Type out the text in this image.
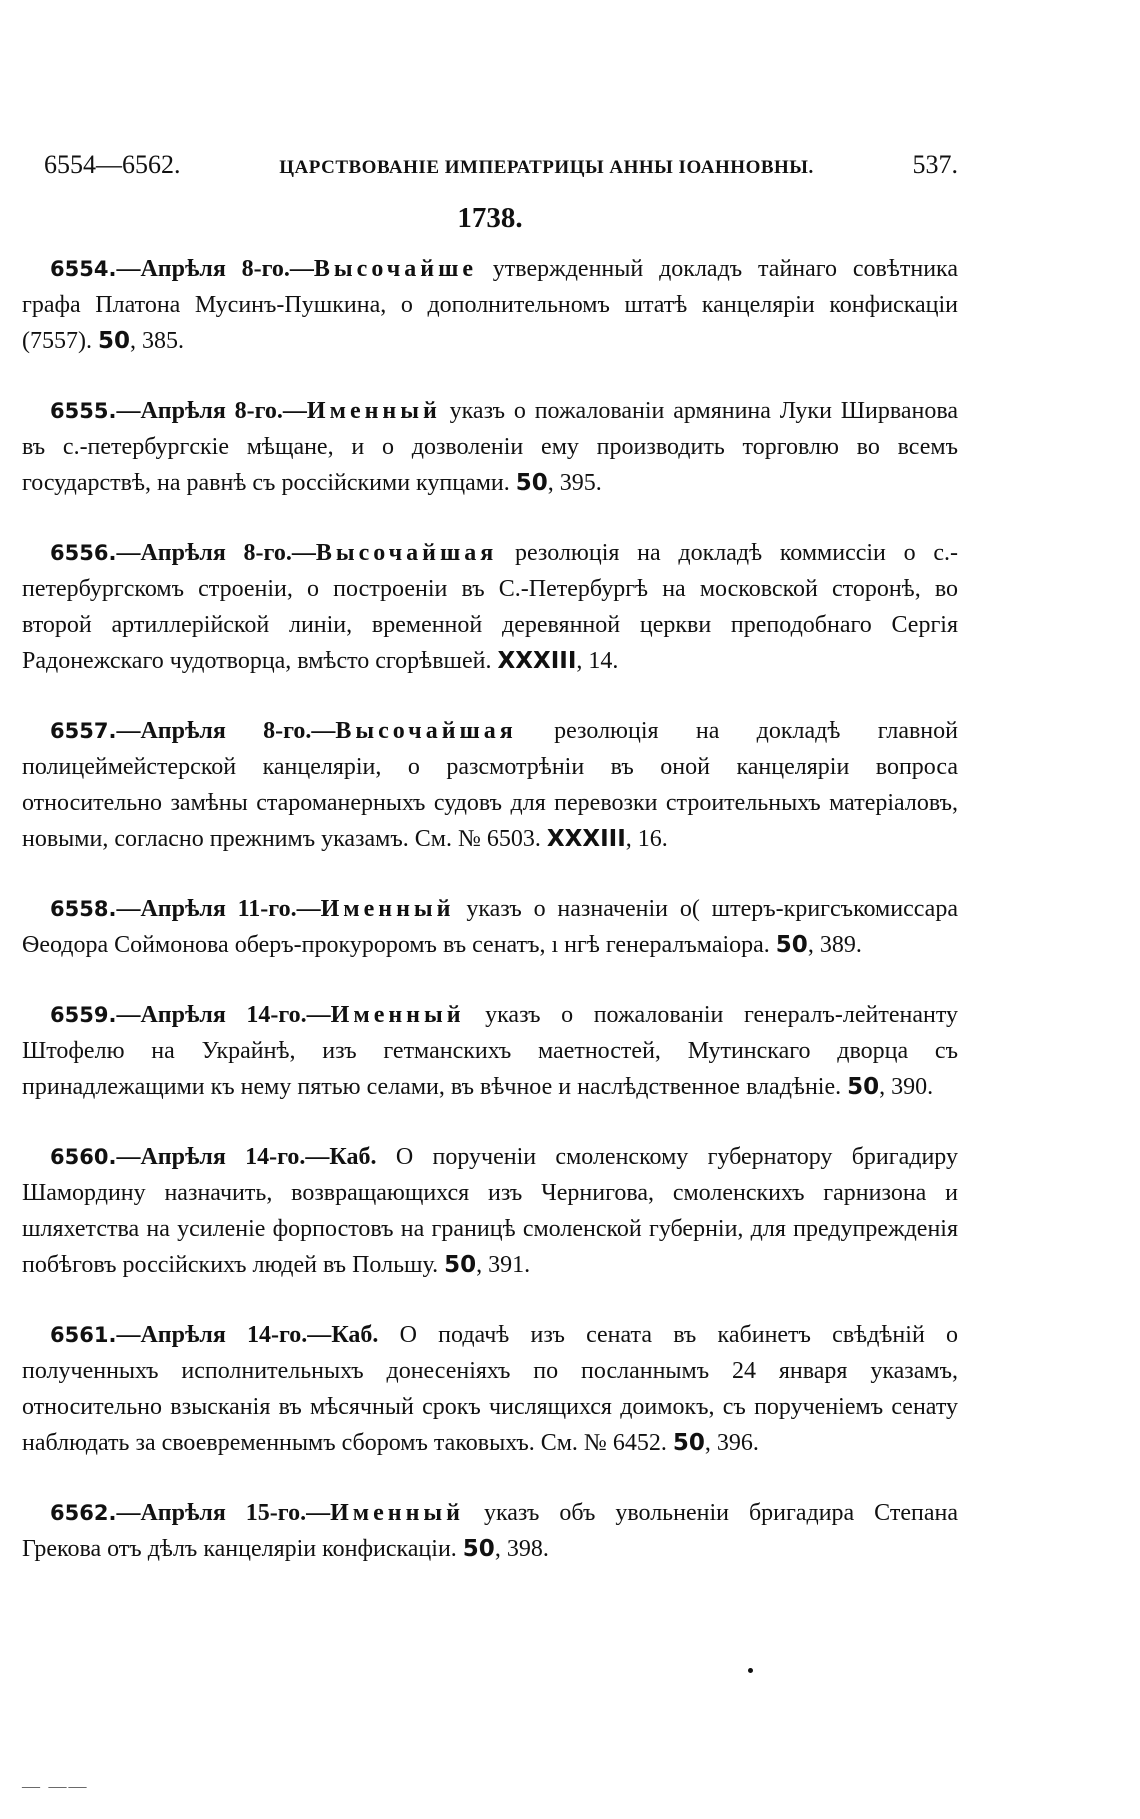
6554—6562.	ЦАРСТВОВАНІЕ ИМПЕРАТРИЦЫ АННЫ ІОАННОВНЫ.	537.
1738.

6554.—Апрѣля 8-го.—Высочайше утвержденный докладъ тайнаго совѣтника графа Платона Мусинъ-Пушкина, о дополнительномъ штатѣ канцеляріи конфискаціи (7557). 50, 385.

6555.—Апрѣля 8-го.—Именный указъ о пожалованіи армянина Луки Ширванова въ с.-петербургскіе мѣщане, и о дозволеніи ему производить торговлю во всемъ государствѣ, на равнѣ съ россійскими купцами. 50, 395.

6556.—Апрѣля 8-го.—Высочайшая резолюція на докладѣ коммиссіи о с.-петербургскомъ строеніи, о построеніи въ С.-Петербургѣ на московской сторонѣ, во второй артиллерійской линіи, временной деревянной церкви преподобнаго Сергія Радонежскаго чудотворца, вмѣсто сгорѣвшей. XXXIII, 14.

6557.—Апрѣля 8-го.—Высочайшая резолюція на докладѣ главной полицеймейстерской канцеляріи, о разсмотрѣніи въ оной канцеляріи вопроса относительно замѣны староманерныхъ судовъ для перевозки строительныхъ матеріаловъ, новыми, согласно прежнимъ указамъ. См. № 6503. XXXIII, 16.

6558.—Апрѣля 11-го.—Именный указъ о назначеніи о( штеръ-кригсъкомиссара Ѳеодора Соймонова оберъ-прокуроромъ въ сенатъ, ı нгѣ генералъмаіора. 50, 389.

6559.—Апрѣля 14-го.—Именный указъ о пожалованіи генералъ-лейтенанту Штофелю на Украйнѣ, изъ гетманскихъ маетностей, Мутинскаго дворца съ принадлежащими къ нему пятью селами, въ вѣчное и наслѣдственное владѣніе. 50, 390.

6560.—Апрѣля 14-го.—Каб. О порученіи смоленскому губернатору бригадиру Шамордину назначить, возвращающихся изъ Чернигова, смоленскихъ гарнизона и шляхетства на усиленіе форпостовъ на границѣ смоленской губерніи, для предупрежденія побѣговъ россійскихъ людей въ Польшу. 50, 391.

6561.—Апрѣля 14-го.—Каб. О подачѣ изъ сената въ кабинетъ свѣдѣній о полученныхъ исполнительныхъ донесеніяхъ по посланнымъ 24 января указамъ, относительно взысканія въ мѣсячный срокъ числящихся доимокъ, съ порученіемъ сенату наблюдать за своевременнымъ сборомъ таковыхъ. См. № 6452. 50, 396.

6562.—Апрѣля 15-го.—Именный указъ объ увольненіи бригадира Степана Грекова отъ дѣлъ канцеляріи конфискаціи. 50, 398.

— ——
